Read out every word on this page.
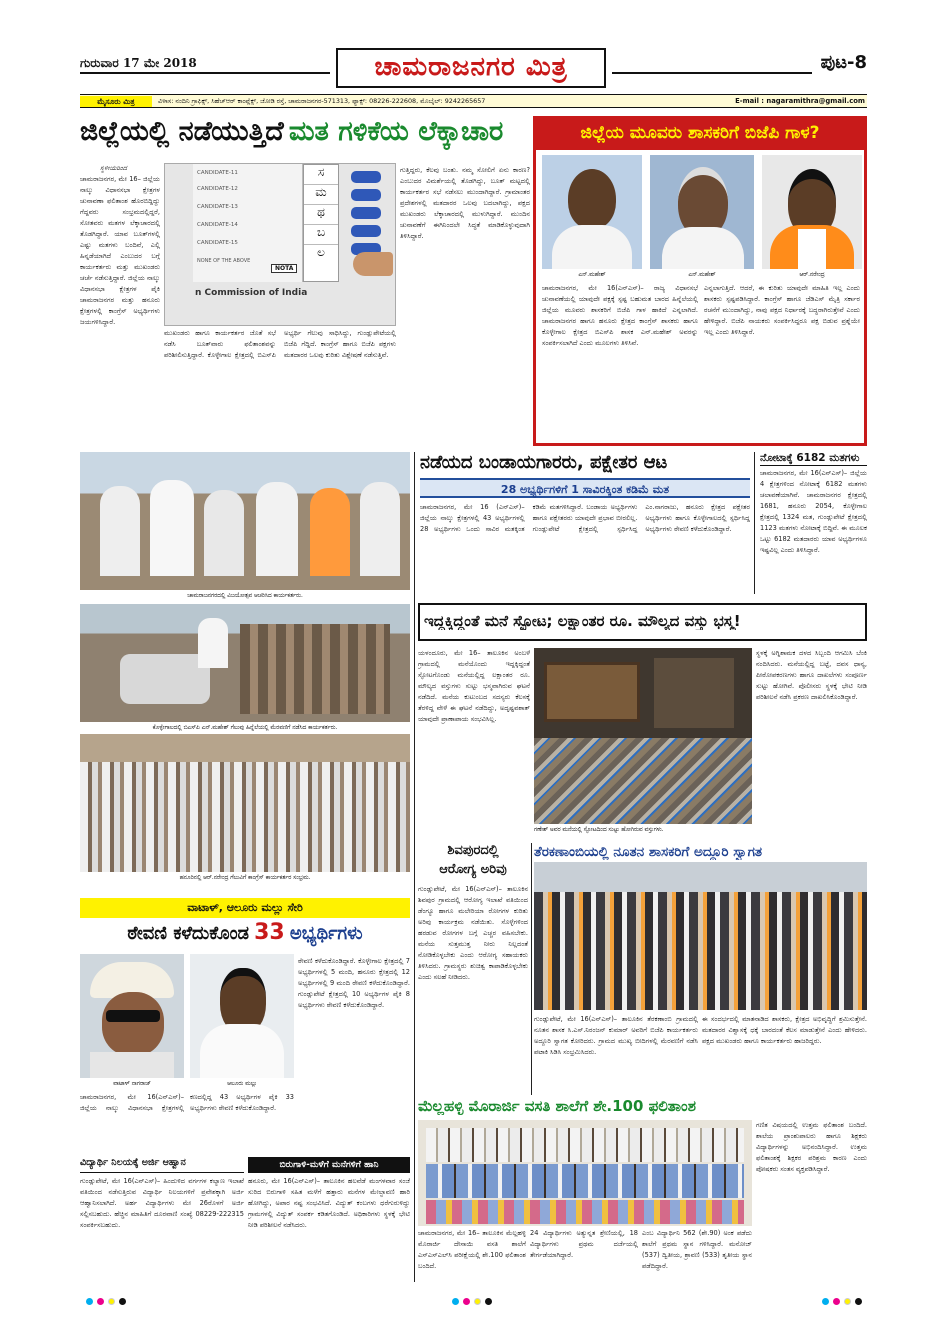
ಗುರುವಾರ 17 ಮೇ 2018	ಚಾಮರಾಜನಗರ ಮಿತ್ರ	ಪುಟ-8
ಮೈಸೂರು ಮಿತ್ರ	ವಿಳಾಸ: ನಂದಿನಿ ಗ್ರಾಫಿಕ್ಸ್, ಸಿಹೆಚ್ಆರ್ ಕಾಂಪ್ಲೆಕ್ಸ್, ಜೋಡಿ ರಸ್ತೆ, ಚಾಮರಾಜನಗರ-571313, ಫ್ಯಾಕ್ಸ್: 08226-222608, ಮೊಬೈಲ್: 9242265657	E-mail : nagaramithra@gmail.com
ಜಿಲ್ಲೆಯಲ್ಲಿ ನಡೆಯುತ್ತಿದೆ ಮತ ಗಳಿಕೆಯ ಲೆಕ್ಕಾಚಾರ
ಸ್ಥಳೀಯರಿಂದ
CANDIDATE-11
CANDIDATE-12
CANDIDATE-13
CANDIDATE-14
CANDIDATE-15
NONE OF THE ABOVE
ಸ
ಮ
ಥ
ಬ
ಲ
NOTA
n Commission of India
ಚಾಮರಾಜನಗರ, ಮೇ 16– ಜಿಲ್ಲೆಯ ನಾಲ್ಕು ವಿಧಾನಸಭಾ ಕ್ಷೇತ್ರಗಳ ಚುನಾವಣಾ ಫಲಿತಾಂಶ ಹೊರಬಿದ್ದಿದ್ದು ಗೆದ್ದವರು ಸಂಭ್ರಮದಲ್ಲಿದ್ದರೆ, ಸೋತವರು ಮತಗಳ ಲೆಕ್ಕಾಚಾರದಲ್ಲಿ ತೊಡಗಿದ್ದಾರೆ. ಯಾವ ಬೂತ್‌ಗಳಲ್ಲಿ ಎಷ್ಟು ಮತಗಳು ಬಂದಿವೆ, ಎಲ್ಲಿ ಹಿನ್ನಡೆಯಾಗಿದೆ ಎಂಬುದರ ಬಗ್ಗೆ ಕಾರ್ಯಕರ್ತರು ಮತ್ತು ಮುಖಂಡರು ಚರ್ಚೆ ನಡೆಸುತ್ತಿದ್ದಾರೆ. ಜಿಲ್ಲೆಯ ನಾಲ್ಕು ವಿಧಾನಸಭಾ ಕ್ಷೇತ್ರಗಳ ಪೈಕಿ ಚಾಮರಾಜನಗರ ಮತ್ತು ಹನೂರು ಕ್ಷೇತ್ರಗಳಲ್ಲಿ ಕಾಂಗ್ರೆಸ್ ಅಭ್ಯರ್ಥಿಗಳು ಜಯಗಳಿಸಿದ್ದಾರೆ.
ಮುಖಂಡರು ಹಾಗೂ ಕಾರ್ಯಕರ್ತರ ಜೊತೆ ಸಭೆ ನಡೆಸಿ ಬೂತ್‌ವಾರು ಫಲಿತಾಂಶವನ್ನು ಪರಿಶೀಲಿಸುತ್ತಿದ್ದಾರೆ. ಕೊಳ್ಳೇಗಾಲ ಕ್ಷೇತ್ರದಲ್ಲಿ ಬಿಎಸ್‌ಪಿ ಅಭ್ಯರ್ಥಿ ಗೆಲುವು ಸಾಧಿಸಿದ್ದು, ಗುಂಡ್ಲುಪೇಟೆಯಲ್ಲಿ ಬಿಜೆಪಿ ಗೆದ್ದಿದೆ. ಕಾಂಗ್ರೆಸ್ ಹಾಗೂ ಬಿಜೆಪಿ ಪಕ್ಷಗಳು ಮತದಾರರ ಒಲವು ಕುರಿತು ವಿಶ್ಲೇಷಣೆ ನಡೆಸುತ್ತಿವೆ.
ಗುತ್ತಿದ್ದರು, ಕೆಲವು ಬಂತು. ನಮ್ಮ ಸೋಲಿಗೆ ಏನು ಕಾರಣ? ಎಂಬುದರ ವಿಮರ್ಶೆಯಲ್ಲಿ ತೊಡಗಿದ್ದು, ಬೂತ್ ಮಟ್ಟದಲ್ಲಿ ಕಾರ್ಯಕರ್ತರ ಸಭೆ ನಡೆಸಲು ಮುಂದಾಗಿದ್ದಾರೆ. ಗ್ರಾಮಾಂತರ ಪ್ರದೇಶಗಳಲ್ಲಿ ಮತದಾರರ ಒಲವು ಬದಲಾಗಿದ್ದು, ಪಕ್ಷದ ಮುಖಂಡರು ಲೆಕ್ಕಾಚಾರದಲ್ಲಿ ಮುಳುಗಿದ್ದಾರೆ. ಮುಂದಿನ ಚುನಾವಣೆಗೆ ಈಗಿನಿಂದಲೇ ಸಿದ್ಧತೆ ಮಾಡಿಕೊಳ್ಳುವುದಾಗಿ ತಿಳಿಸಿದ್ದಾರೆ.
ಜಿಲ್ಲೆಯ ಮೂವರು ಶಾಸಕರಿಗೆ ಬಿಜೆಪಿ ಗಾಳ?
ಎನ್.ಮಹೇಶ್	ಎನ್.ಮಹೇಶ್	ಆರ್.ನರೇಂದ್ರ
ಚಾಮರಾಜನಗರ, ಮೇ 16(ಎನ್‌ಎಸ್)– ರಾಜ್ಯ ವಿಧಾನಸಭೆ ಚುನಾವಣೆಯಲ್ಲಿ ಯಾವುದೇ ಪಕ್ಷಕ್ಕೆ ಸ್ಪಷ್ಟ ಬಹುಮತ ಬಾರದ ಹಿನ್ನೆಲೆಯಲ್ಲಿ ಜಿಲ್ಲೆಯ ಮೂವರು ಶಾಸಕರಿಗೆ ಬಿಜೆಪಿ ಗಾಳ ಹಾಕಿದೆ ಎನ್ನಲಾಗಿದೆ. ಚಾಮರಾಜನಗರ ಹಾಗೂ ಹನೂರು ಕ್ಷೇತ್ರದ ಕಾಂಗ್ರೆಸ್ ಶಾಸಕರು ಹಾಗೂ ಕೊಳ್ಳೇಗಾಲ ಕ್ಷೇತ್ರದ ಬಿಎಸ್‌ಪಿ ಶಾಸಕ ಎನ್.ಮಹೇಶ್ ಅವರನ್ನು ಸಂಪರ್ಕಿಸಲಾಗಿದೆ ಎಂದು ಮೂಲಗಳು ತಿಳಿಸಿವೆ.
ಎನ್ನಲಾಗುತ್ತಿದೆ. ಆದರೆ, ಈ ಕುರಿತು ಯಾವುದೇ ಮಾಹಿತಿ ಇಲ್ಲ ಎಂದು ಶಾಸಕರು ಸ್ಪಷ್ಟಪಡಿಸಿದ್ದಾರೆ. ಕಾಂಗ್ರೆಸ್ ಹಾಗೂ ಜೆಡಿಎಸ್ ಮೈತ್ರಿ ಸರ್ಕಾರ ರಚನೆಗೆ ಮುಂದಾಗಿದ್ದು, ನಾವು ಪಕ್ಷದ ನಿರ್ಧಾರಕ್ಕೆ ಬದ್ಧರಾಗಿರುತ್ತೇವೆ ಎಂದು ಹೇಳಿದ್ದಾರೆ. ಬಿಜೆಪಿ ನಾಯಕರು ಸಂಪರ್ಕಿಸಿದ್ದರೂ ಪಕ್ಷ ಬಿಡುವ ಪ್ರಶ್ನೆಯೇ ಇಲ್ಲ ಎಂದು ತಿಳಿಸಿದ್ದಾರೆ.
ಚಾಮರಾಜನಗರದಲ್ಲಿ ವಿಜಯೋತ್ಸವ ಆಚರಿಸಿದ ಕಾರ್ಯಕರ್ತರು.
ಕೊಳ್ಳೇಗಾಲದಲ್ಲಿ ಬಿಎಸ್‌ಪಿ ಎನ್.ಮಹೇಶ್ ಗೆಲುವು ಹಿನ್ನೆಲೆಯಲ್ಲಿ ಮೆರವಣಿಗೆ ನಡೆಸಿದ ಕಾರ್ಯಕರ್ತರು.
ಹನೂರಿನಲ್ಲಿ ಆರ್.ನರೇಂದ್ರ ಗೆಲುವಿಗೆ ಕಾಂಗ್ರೆಸ್ ಕಾರ್ಯಕರ್ತರ ಸಂಭ್ರಮ.
ನಡೆಯದ ಬಂಡಾಯಗಾರರು, ಪಕ್ಷೇತರ ಆಟ
28 ಅಭ್ಯರ್ಥಿಗಳಿಗೆ 1 ಸಾವಿರಕ್ಕಿಂತ ಕಡಿಮೆ ಮತ
ಚಾಮರಾಜನಗರ, ಮೇ 16 (ಎನ್‌ಎಸ್)– ಜಿಲ್ಲೆಯ ನಾಲ್ಕು ಕ್ಷೇತ್ರಗಳಲ್ಲಿ 43 ಅಭ್ಯರ್ಥಿಗಳಲ್ಲಿ 28 ಅಭ್ಯರ್ಥಿಗಳು ಒಂದು ಸಾವಿರ ಮತಕ್ಕಿಂತ ಕಡಿಮೆ ಮತಗಳಿಸಿದ್ದಾರೆ. ಬಂಡಾಯ ಅಭ್ಯರ್ಥಿಗಳು ಹಾಗೂ ಪಕ್ಷೇತರರು ಯಾವುದೇ ಪ್ರಭಾವ ಬೀರಲಿಲ್ಲ. ಗುಂಡ್ಲುಪೇಟೆ ಕ್ಷೇತ್ರದಲ್ಲಿ ಸ್ಪರ್ಧಿಸಿದ್ದ ಎಂ.ನಾಗರಾಜು, ಹನೂರು ಕ್ಷೇತ್ರದ ಪಕ್ಷೇತರ ಅಭ್ಯರ್ಥಿಗಳು ಹಾಗೂ ಕೊಳ್ಳೇಗಾಲದಲ್ಲಿ ಸ್ಪರ್ಧಿಸಿದ್ದ ಅಭ್ಯರ್ಥಿಗಳು ಠೇವಣಿ ಕಳೆದುಕೊಂಡಿದ್ದಾರೆ.
ನೋಟಾಕ್ಕೆ 6182 ಮತಗಳು
ಚಾಮರಾಜನಗರ, ಮೇ 16(ಎನ್‌ಎಸ್)– ಜಿಲ್ಲೆಯ 4 ಕ್ಷೇತ್ರಗಳಿಂದ ನೋಟಾಕ್ಕೆ 6182 ಮತಗಳು ಚಲಾವಣೆಯಾಗಿವೆ. ಚಾಮರಾಜನಗರ ಕ್ಷೇತ್ರದಲ್ಲಿ 1681, ಹನೂರು 2054, ಕೊಳ್ಳೇಗಾಲ ಕ್ಷೇತ್ರದಲ್ಲಿ 1324 ಮತ, ಗುಂಡ್ಲುಪೇಟೆ ಕ್ಷೇತ್ರದಲ್ಲಿ 1123 ಮತಗಳು ನೋಟಾಕ್ಕೆ ಬಿದ್ದಿವೆ. ಈ ಮೂಲಕ ಒಟ್ಟು 6182 ಮತದಾರರು ಯಾವ ಅಭ್ಯರ್ಥಿಗಳೂ ಇಷ್ಟವಿಲ್ಲ ಎಂದು ತಿಳಿಸಿದ್ದಾರೆ.
ಇದ್ದಕ್ಕಿದ್ದಂತೆ ಮನೆ ಸ್ಫೋಟ; ಲಕ್ಷಾಂತರ ರೂ. ಮೌಲ್ಯದ ವಸ್ತು ಭಸ್ಮ!
ಯಳಂದೂರು, ಮೇ 16– ತಾಲೂಕಿನ ಅಂಬಳೆ ಗ್ರಾಮದಲ್ಲಿ ಮನೆಯೊಂದು ಇದ್ದಕ್ಕಿದ್ದಂತೆ ಸ್ಫೋಟಗೊಂಡು ಮನೆಯಲ್ಲಿದ್ದ ಲಕ್ಷಾಂತರ ರೂ. ಮೌಲ್ಯದ ವಸ್ತುಗಳು ಸುಟ್ಟು ಭಸ್ಮವಾಗಿರುವ ಘಟನೆ ನಡೆದಿದೆ. ಮನೆಯ ಕುಟುಂಬದ ಸದಸ್ಯರು ಕೆಲಸಕ್ಕೆ ತೆರಳಿದ್ದ ವೇಳೆ ಈ ಘಟನೆ ನಡೆದಿದ್ದು, ಅದೃಷ್ಟವಶಾತ್ ಯಾವುದೇ ಪ್ರಾಣಾಪಾಯ ಸಂಭವಿಸಿಲ್ಲ.
ಗಣೇಶ್ ಅವರ ಮನೆಯಲ್ಲಿ ಸ್ಫೋಟದಿಂದ ಸುಟ್ಟು ಹೋಗಿರುವ ವಸ್ತುಗಳು.
ಸ್ಥಳಕ್ಕೆ ಅಗ್ನಿಶಾಮಕ ದಳದ ಸಿಬ್ಬಂದಿ ಆಗಮಿಸಿ ಬೆಂಕಿ ನಂದಿಸಿದರು. ಮನೆಯಲ್ಲಿದ್ದ ಬಟ್ಟೆ, ದವಸ ಧಾನ್ಯ, ಪೀಠೋಪಕರಣಗಳು ಹಾಗೂ ದಾಖಲೆಗಳು ಸಂಪೂರ್ಣ ಸುಟ್ಟು ಹೋಗಿವೆ. ಪೊಲೀಸರು ಸ್ಥಳಕ್ಕೆ ಭೇಟಿ ನೀಡಿ ಪರಿಶೀಲನೆ ನಡೆಸಿ ಪ್ರಕರಣ ದಾಖಲಿಸಿಕೊಂಡಿದ್ದಾರೆ.
ಶಿವಪುರದಲ್ಲಿ
ಆರೋಗ್ಯ ಅರಿವು
ಗುಂಡ್ಲುಪೇಟೆ, ಮೇ 16(ಎನ್‌ಎಸ್)– ತಾಲೂಕಿನ ಶಿವಪುರ ಗ್ರಾಮದಲ್ಲಿ ಆರೋಗ್ಯ ಇಲಾಖೆ ವತಿಯಿಂದ ಡೆಂಗ್ಯೂ ಹಾಗೂ ಮಲೇರಿಯಾ ರೋಗಗಳ ಕುರಿತು ಅರಿವು ಕಾರ್ಯಕ್ರಮ ನಡೆಯಿತು. ಸೊಳ್ಳೆಗಳಿಂದ ಹರಡುವ ರೋಗಗಳ ಬಗ್ಗೆ ಎಚ್ಚರ ವಹಿಸಬೇಕು. ಮನೆಯ ಸುತ್ತಮುತ್ತ ನೀರು ನಿಲ್ಲದಂತೆ ನೋಡಿಕೊಳ್ಳಬೇಕು ಎಂದು ಆರೋಗ್ಯ ಸಹಾಯಕರು ತಿಳಿಸಿದರು. ಗ್ರಾಮಸ್ಥರು ಶುಚಿತ್ವ ಕಾಪಾಡಿಕೊಳ್ಳಬೇಕು ಎಂದು ಸಲಹೆ ನೀಡಿದರು.
ತೆರಕಣಾಂಬಿಯಲ್ಲಿ ನೂತನ ಶಾಸಕರಿಗೆ ಅದ್ದೂರಿ ಸ್ವಾಗತ
ಗುಂಡ್ಲುಪೇಟೆ, ಮೇ 16(ಎನ್‌ಎಸ್)– ತಾಲೂಕಿನ ತೆರಕಣಾಂಬಿ ಗ್ರಾಮದಲ್ಲಿ ನೂತನ ಶಾಸಕ ಸಿ.ಎಸ್.ನಿರಂಜನ್ ಕುಮಾರ್ ಅವರಿಗೆ ಬಿಜೆಪಿ ಕಾರ್ಯಕರ್ತರು ಅದ್ದೂರಿ ಸ್ವಾಗತ ಕೋರಿದರು. ಗ್ರಾಮದ ಮುಖ್ಯ ಬೀದಿಗಳಲ್ಲಿ ಮೆರವಣಿಗೆ ನಡೆಸಿ ಪಟಾಕಿ ಸಿಡಿಸಿ ಸಂಭ್ರಮಿಸಿದರು.
ಈ ಸಂದರ್ಭದಲ್ಲಿ ಮಾತನಾಡಿದ ಶಾಸಕರು, ಕ್ಷೇತ್ರದ ಅಭಿವೃದ್ಧಿಗೆ ಶ್ರಮಿಸುತ್ತೇನೆ. ಮತದಾರರ ವಿಶ್ವಾಸಕ್ಕೆ ಧಕ್ಕೆ ಬಾರದಂತೆ ಕೆಲಸ ಮಾಡುತ್ತೇನೆ ಎಂದು ಹೇಳಿದರು. ಪಕ್ಷದ ಮುಖಂಡರು ಹಾಗೂ ಕಾರ್ಯಕರ್ತರು ಹಾಜರಿದ್ದರು.
ವಾಟಾಳ್, ಆಲೂರು ಮಲ್ಲು ಸೇರಿ
ಠೇವಣಿ ಕಳೆದುಕೊಂಡ 33 ಅಭ್ಯರ್ಥಿಗಳು
ವಾಟಾಳ್ ನಾಗರಾಜ್	ಆಲೂರು ಮಲ್ಲು
ಚಾಮರಾಜನಗರ, ಮೇ 16(ಎನ್‌ಎಸ್)– ಜಿಲ್ಲೆಯ ನಾಲ್ಕು ವಿಧಾನಸಭಾ ಕ್ಷೇತ್ರಗಳಲ್ಲಿ ಕಣದಲ್ಲಿದ್ದ 43 ಅಭ್ಯರ್ಥಿಗಳ ಪೈಕಿ 33 ಅಭ್ಯರ್ಥಿಗಳು ಠೇವಣಿ ಕಳೆದುಕೊಂಡಿದ್ದಾರೆ.
ಠೇವಣಿ ಕಳೆದುಕೊಂಡಿದ್ದಾರೆ. ಕೊಳ್ಳೇಗಾಲ ಕ್ಷೇತ್ರದಲ್ಲಿ 7 ಅಭ್ಯರ್ಥಿಗಳಲ್ಲಿ 5 ಮಂದಿ, ಹನೂರು ಕ್ಷೇತ್ರದಲ್ಲಿ 12 ಅಭ್ಯರ್ಥಿಗಳಲ್ಲಿ 9 ಮಂದಿ ಠೇವಣಿ ಕಳೆದುಕೊಂಡಿದ್ದಾರೆ. ಗುಂಡ್ಲುಪೇಟೆ ಕ್ಷೇತ್ರದಲ್ಲಿ 10 ಅಭ್ಯರ್ಥಿಗಳ ಪೈಕಿ 8 ಅಭ್ಯರ್ಥಿಗಳು ಠೇವಣಿ ಕಳೆದುಕೊಂಡಿದ್ದಾರೆ.
ವಿದ್ಯಾರ್ಥಿ ನಿಲಯಕ್ಕೆ ಅರ್ಜಿ ಆಹ್ವಾನ
ಗುಂಡ್ಲುಪೇಟೆ, ಮೇ 16(ಎನ್‌ಎಸ್)– ಹಿಂದುಳಿದ ವರ್ಗಗಳ ಕಲ್ಯಾಣ ಇಲಾಖೆ ವತಿಯಿಂದ ನಡೆಸುತ್ತಿರುವ ವಿದ್ಯಾರ್ಥಿ ನಿಲಯಗಳಿಗೆ ಪ್ರವೇಶಕ್ಕಾಗಿ ಅರ್ಜಿ ಆಹ್ವಾನಿಸಲಾಗಿದೆ. ಅರ್ಹ ವಿದ್ಯಾರ್ಥಿಗಳು ಮೇ 26ರೊಳಗೆ ಅರ್ಜಿ ಸಲ್ಲಿಸಬಹುದು. ಹೆಚ್ಚಿನ ಮಾಹಿತಿಗೆ ದೂರವಾಣಿ ಸಂಖ್ಯೆ 08229-222315 ಸಂಪರ್ಕಿಸಬಹುದು.
ಬಿರುಗಾಳಿ-ಮಳೆಗೆ ಮನೆಗಳಿಗೆ ಹಾನಿ
ಹನೂರು, ಮೇ 16(ಎನ್‌ಎಸ್)– ತಾಲೂಕಿನ ಹಲವೆಡೆ ಮಂಗಳವಾರ ಸಂಜೆ ಸುರಿದ ಬಿರುಗಾಳಿ ಸಹಿತ ಮಳೆಗೆ ಹತ್ತಾರು ಮನೆಗಳ ಮೇಲ್ಛಾವಣಿ ಹಾರಿ ಹೋಗಿದ್ದು, ಅಪಾರ ನಷ್ಟ ಸಂಭವಿಸಿದೆ. ವಿದ್ಯುತ್ ಕಂಬಗಳು ಧರೆಗುರುಳಿದ್ದು ಗ್ರಾಮಗಳಲ್ಲಿ ವಿದ್ಯುತ್ ಸಂಪರ್ಕ ಕಡಿತಗೊಂಡಿದೆ. ಅಧಿಕಾರಿಗಳು ಸ್ಥಳಕ್ಕೆ ಭೇಟಿ ನೀಡಿ ಪರಿಶೀಲನೆ ನಡೆಸಿದರು.
ಮೆಲ್ಲಹಳ್ಳಿ ಮೊರಾರ್ಜಿ ವಸತಿ ಶಾಲೆಗೆ ಶೇ.100 ಫಲಿತಾಂಶ
ಚಾಮರಾಜನಗರ, ಮೇ 16– ತಾಲೂಕಿನ ಮೆಲ್ಲಹಳ್ಳಿ ಮೊರಾರ್ಜಿ ದೇಸಾಯಿ ವಸತಿ ಶಾಲೆಗೆ ಎಸ್‌ಎಸ್‌ಎಲ್‌ಸಿ ಪರೀಕ್ಷೆಯಲ್ಲಿ ಶೇ.100 ಫಲಿತಾಂಶ ಬಂದಿದೆ.
24 ವಿದ್ಯಾರ್ಥಿಗಳು ಅತ್ಯುನ್ನತ ಶ್ರೇಣಿಯಲ್ಲಿ, 18 ವಿದ್ಯಾರ್ಥಿಗಳು ಪ್ರಥಮ ದರ್ಜೆಯಲ್ಲಿ ತೇರ್ಗಡೆಯಾಗಿದ್ದಾರೆ.
ಎಂಬ ವಿದ್ಯಾರ್ಥಿನಿ 562 (ಶೇ.90) ಅಂಕ ಪಡೆದು ಶಾಲೆಗೆ ಪ್ರಥಮ ಸ್ಥಾನ ಗಳಿಸಿದ್ದಾರೆ. ಮನೋಜ್ (537) ದ್ವಿತೀಯ, ಶ್ರಾವಣಿ (533) ತೃತೀಯ ಸ್ಥಾನ ಪಡೆದಿದ್ದಾರೆ.
ಗಣಿತ ವಿಷಯದಲ್ಲಿ ಉತ್ತಮ ಫಲಿತಾಂಶ ಬಂದಿದೆ. ಶಾಲೆಯ ಪ್ರಾಂಶುಪಾಲರು ಹಾಗೂ ಶಿಕ್ಷಕರು ವಿದ್ಯಾರ್ಥಿಗಳನ್ನು ಅಭಿನಂದಿಸಿದ್ದಾರೆ. ಉತ್ತಮ ಫಲಿತಾಂಶಕ್ಕೆ ಶಿಕ್ಷಕರ ಪರಿಶ್ರಮ ಕಾರಣ ಎಂದು ಪೋಷಕರು ಸಂತಸ ವ್ಯಕ್ತಪಡಿಸಿದ್ದಾರೆ.
